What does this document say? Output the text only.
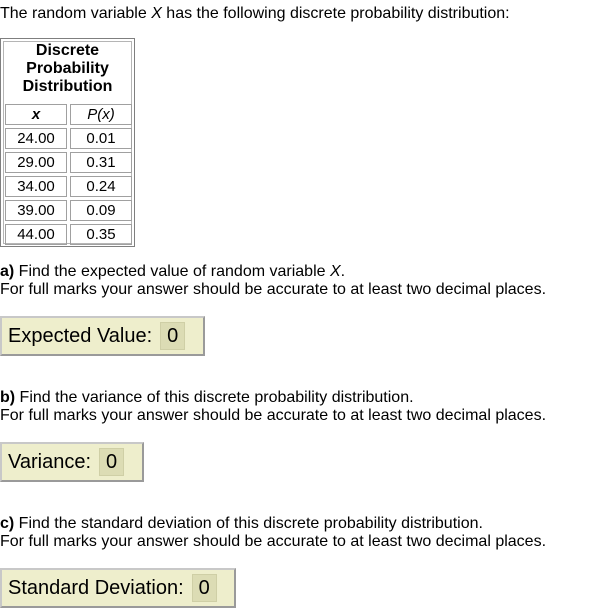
The random variable X has the following discrete probability distribution:
Discrete
Probability
Distribution
x	P(x)
24.00	0.01
29.00	0.31
34.00	0.24
39.00	0.09
44.00	0.35
a) Find the expected value of random variable X.
For full marks your answer should be accurate to at least two decimal places.
Expected Value: 0
b) Find the variance of this discrete probability distribution.
For full marks your answer should be accurate to at least two decimal places.
Variance: 0
c) Find the standard deviation of this discrete probability distribution.
For full marks your answer should be accurate to at least two decimal places.
Standard Deviation: 0
